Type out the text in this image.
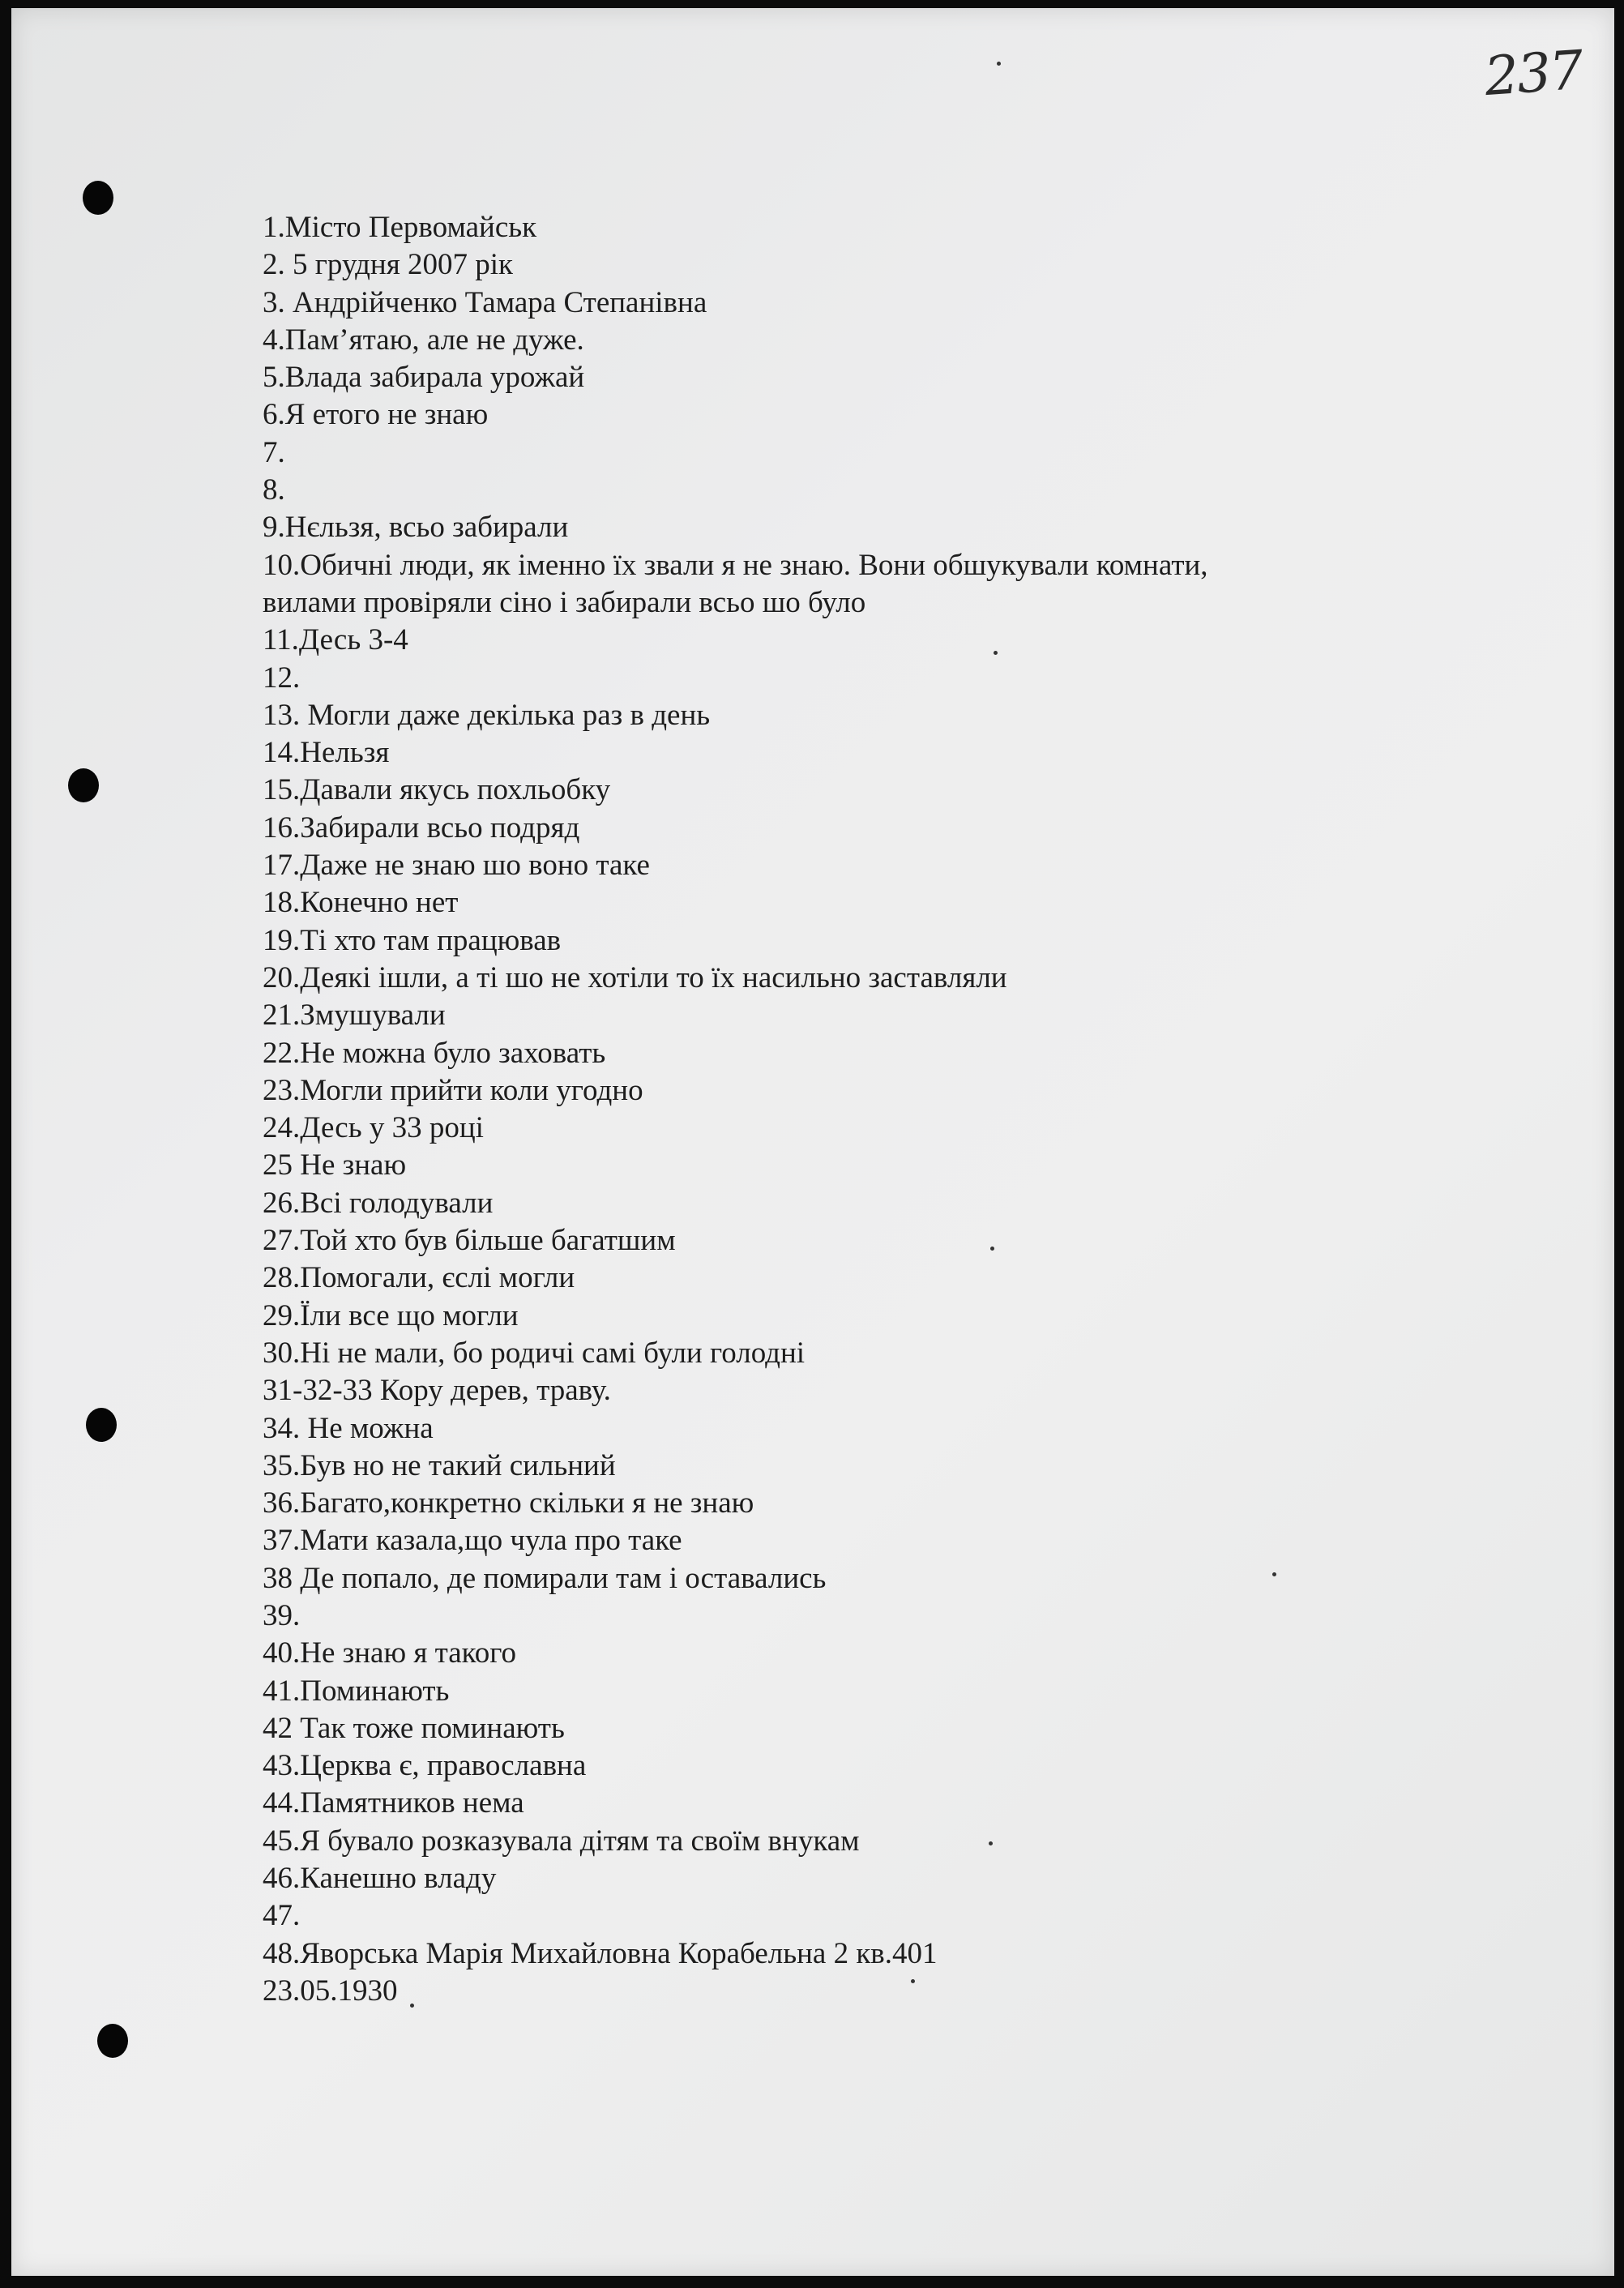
237
1.Місто Первомайськ
2. 5 грудня 2007 рік
3. Андрійченко Тамара Степанівна
4.Пам’ятаю, але не дуже.
5.Влада забирала урожай
6.Я етого не знаю
7.
8.
9.Нєльзя, всьо забирали
10.Обичні люди, як іменно їх звали я не знаю. Вони обшукували комнати,
вилами провіряли сіно і забирали всьо шо було
11.Десь 3-4
12.
13. Могли даже декілька раз в день
14.Нельзя
15.Давали якусь похльобку
16.Забирали всьо подряд
17.Даже не знаю шо воно таке
18.Конечно нет
19.Ті хто там працював
20.Деякі ішли, а ті шо не хотіли то їх насильно заставляли
21.Змушували
22.Не можна було заховать
23.Могли прийти коли угодно
24.Десь у 33 році
25 Не знаю
26.Всі голодували
27.Той хто був більше багатшим
28.Помогали, єслі могли
29.Їли все що могли
30.Ні не мали, бо родичі самі були голодні
31-32-33 Кору дерев, траву.
34. Не можна
35.Був но не такий сильний
36.Багато,конкретно скільки я не знаю
37.Мати казала,що чула про таке
38 Де попало, де помирали там і оставались
39.
40.Не знаю я такого
41.Поминають
42 Так тоже поминають
43.Церква є, православна
44.Памятников нема
45.Я бувало розказувала дітям та своїм внукам
46.Канешно владу
47.
48.Яворська Марія Михайловна Корабельна 2 кв.401
23.05.1930
